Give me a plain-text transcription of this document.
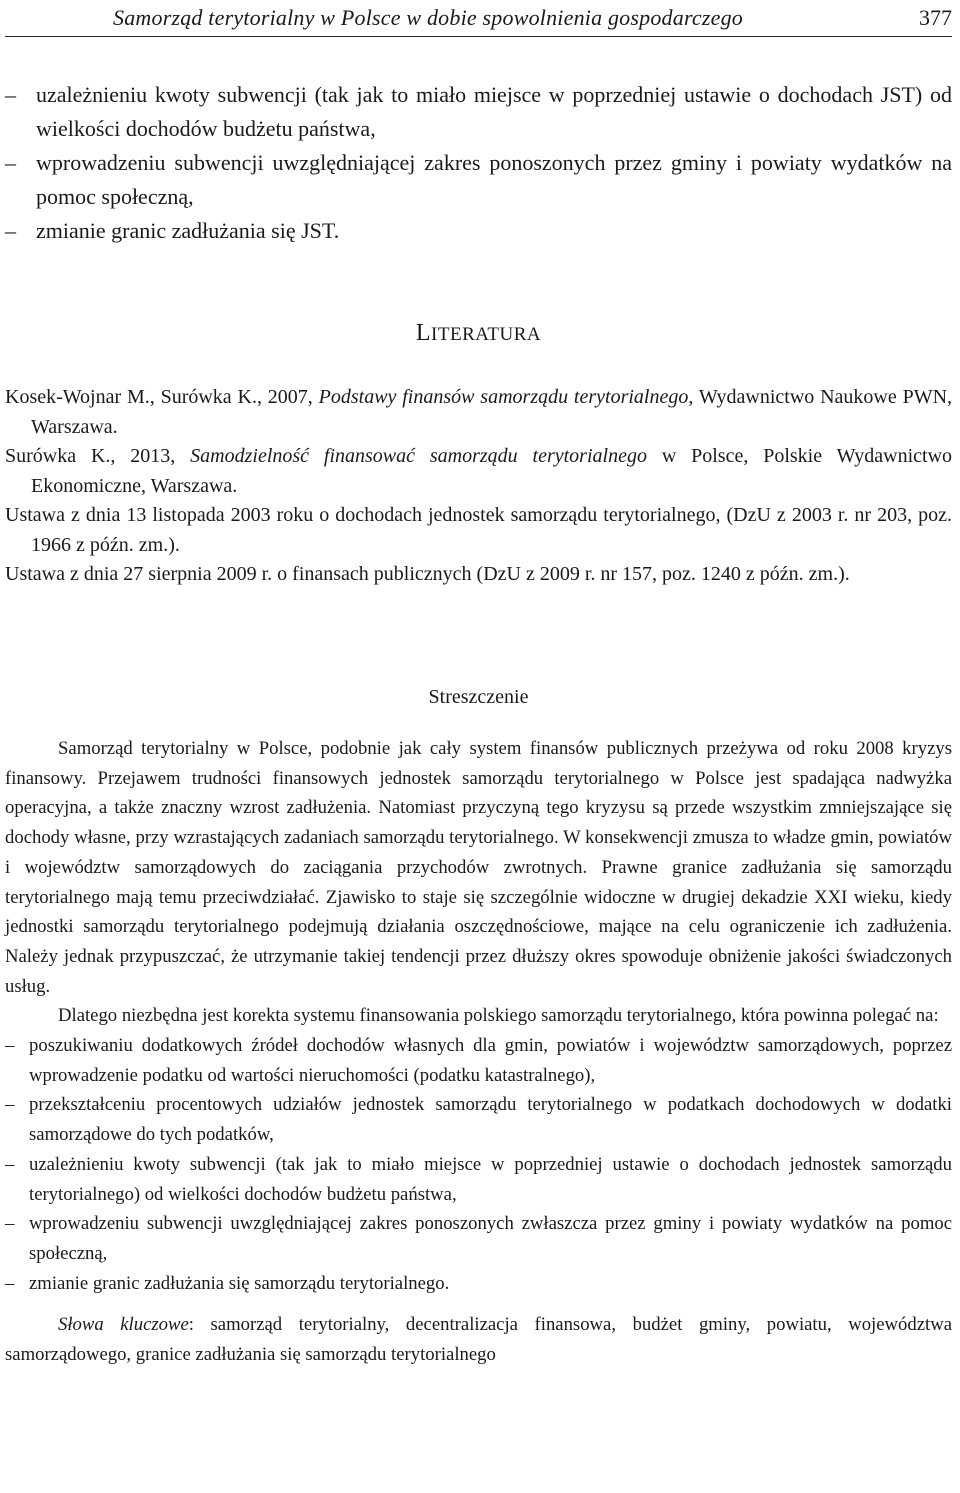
Samorząd terytorialny w Polsce w dobie spowolnienia gospodarczego	377
– uzależnieniu kwoty subwencji (tak jak to miało miejsce w poprzedniej ustawie o dochodach JST) od wielkości dochodów budżetu państwa,
– wprowadzeniu subwencji uwzględniającej zakres ponoszonych przez gminy i powiaty wydatków na pomoc społeczną,
– zmianie granic zadłużania się JST.
LITERATURA
Kosek-Wojnar M., Surówka K., 2007, Podstawy finansów samorządu terytorialnego, Wydawnictwo Naukowe PWN, Warszawa.
Surówka K., 2013, Samodzielność finansować samorządu terytorialnego w Polsce, Polskie Wydawnictwo Ekonomiczne, Warszawa.
Ustawa z dnia 13 listopada 2003 roku o dochodach jednostek samorządu terytorialnego, (DzU z 2003 r. nr 203, poz. 1966 z późn. zm.).
Ustawa z dnia 27 sierpnia 2009 r. o finansach publicznych (DzU z 2009 r. nr 157, poz. 1240 z późn. zm.).
Streszczenie

Samorząd terytorialny w Polsce, podobnie jak cały system finansów publicznych przeżywa od roku 2008 kryzys finansowy. Przejawem trudności finansowych jednostek samorządu terytorialnego w Polsce jest spadająca nadwyżka operacyjna, a także znaczny wzrost zadłużenia. Natomiast przyczyną tego kryzysu są przede wszystkim zmniejszające się dochody własne, przy wzrastających zadaniach samorządu terytorialnego. W konsekwencji zmusza to władze gmin, powiatów i województw samorządowych do zaciągania przychodów zwrotnych. Prawne granice zadłużania się samorządu terytorialnego mają temu przeciwdziałać. Zjawisko to staje się szczególnie widoczne w drugiej dekadzie XXI wieku, kiedy jednostki samorządu terytorialnego podejmują działania oszczędnościowe, mające na celu ograniczenie ich zadłużenia. Należy jednak przypuszczać, że utrzymanie takiej tendencji przez dłuższy okres spowoduje obniżenie jakości świadczonych usług.

Dlatego niezbędna jest korekta systemu finansowania polskiego samorządu terytorialnego, która powinna polegać na:

– poszukiwaniu dodatkowych źródeł dochodów własnych dla gmin, powiatów i województw samorządowych, poprzez wprowadzenie podatku od wartości nieruchomości (podatku katastralnego),
– przekształceniu procentowych udziałów jednostek samorządu terytorialnego w podatkach dochodowych w dodatki samorządowe do tych podatków,
– uzależnieniu kwoty subwencji (tak jak to miało miejsce w poprzedniej ustawie o dochodach jednostek samorządu terytorialnego) od wielkości dochodów budżetu państwa,
– wprowadzeniu subwencji uwzględniającej zakres ponoszonych zwłaszcza przez gminy i powiaty wydatków na pomoc społeczną,
– zmianie granic zadłużania się samorządu terytorialnego.
Słowa kluczowe: samorząd terytorialny, decentralizacja finansowa, budżet gminy, powiatu, województwa samorządowego, granice zadłużania się samorządu terytorialnego
